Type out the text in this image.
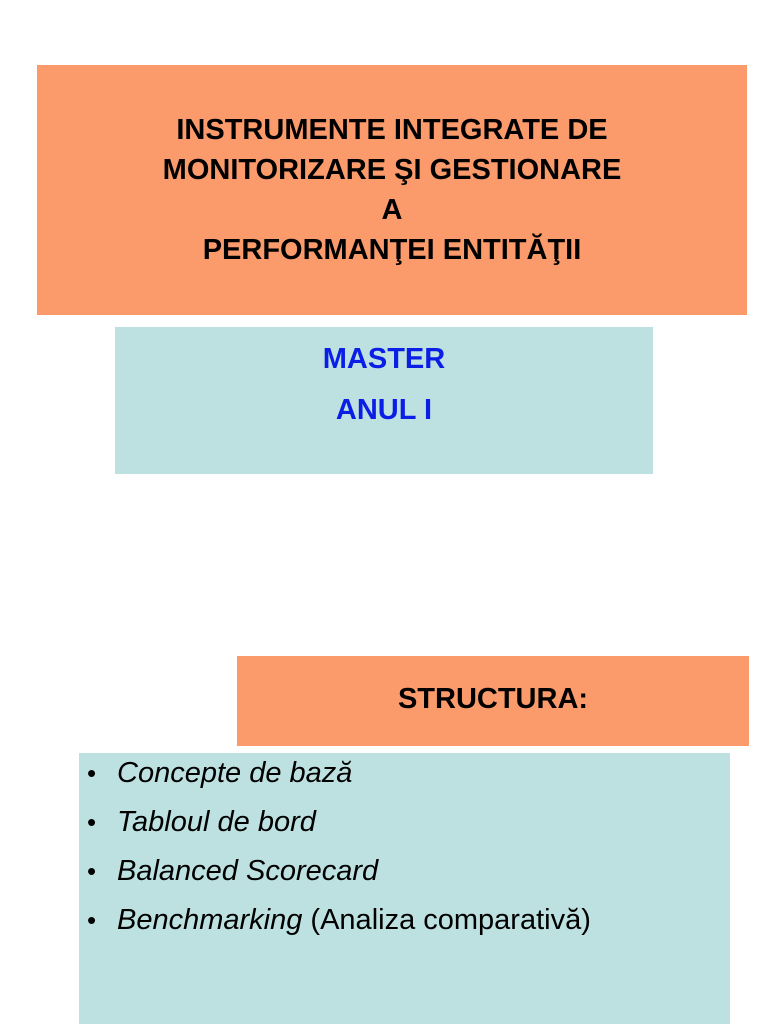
INSTRUMENTE INTEGRATE DE
MONITORIZARE ŞI GESTIONARE
A
PERFORMANŢEI ENTITĂŢII
MASTER
ANUL I
STRUCTURA:
• Concepte de bază
• Tabloul de bord
• Balanced Scorecard
• Benchmarking (Analiza comparativă)
